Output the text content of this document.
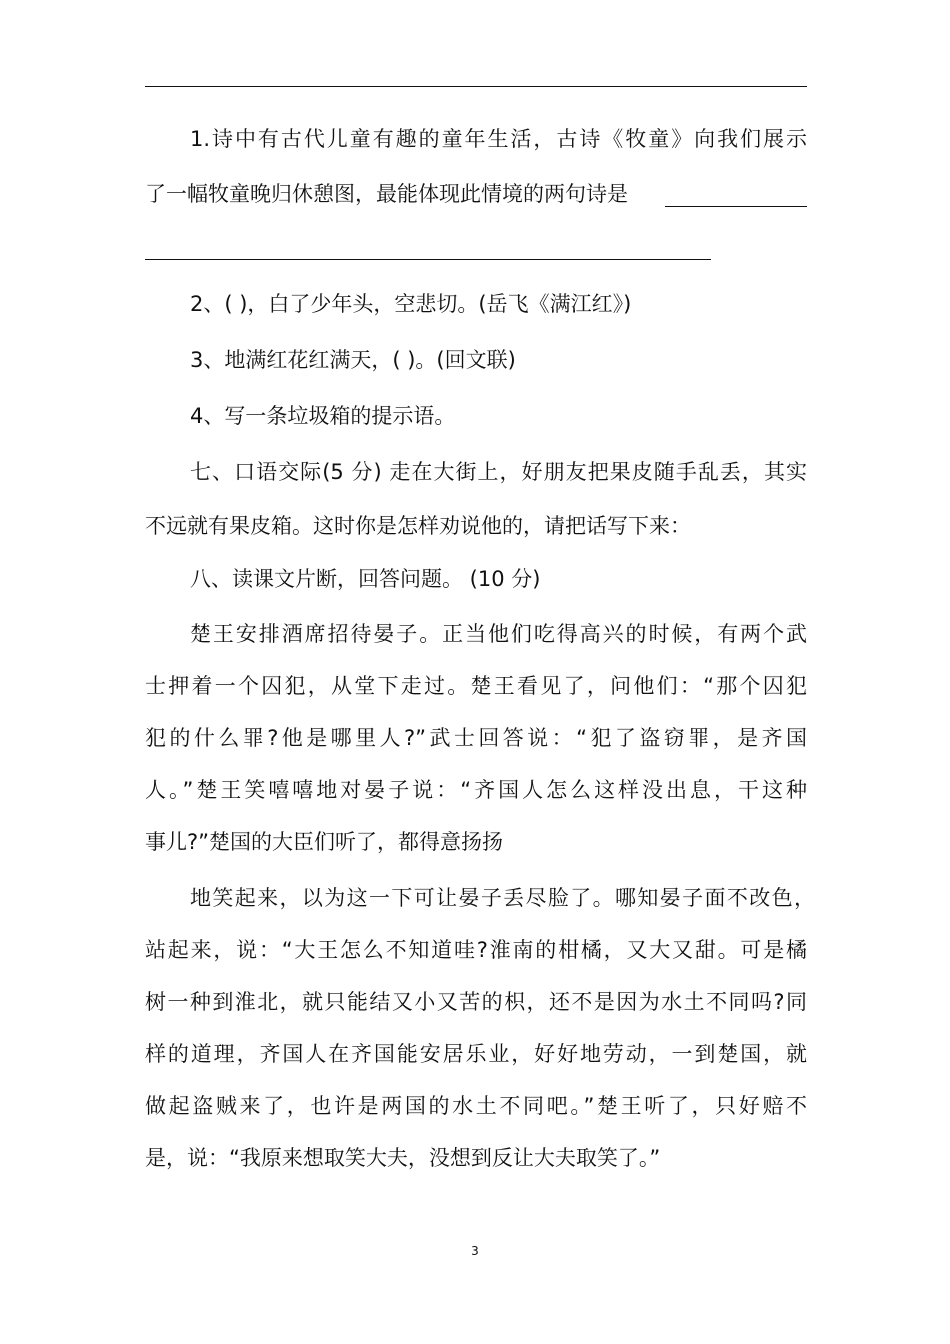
1.诗中有古代儿童有趣的童年生活，古诗《牧童》向我们展示
了一幅牧童晚归休憩图，最能体现此情境的两句诗是
2、( )，白了少年头，空悲切。(岳飞《满江红》)
3、地满红花红满天，( )。(回文联)
4、写一条垃圾箱的提示语。
七、口语交际(5 分) 走在大街上，好朋友把果皮随手乱丢，其实
不远就有果皮箱。这时你是怎样劝说他的，请把话写下来：
八、读课文片断，回答问题。 (10 分)
楚王安排酒席招待晏子。正当他们吃得高兴的时候，有两个武
士押着一个囚犯，从堂下走过。楚王看见了，问他们：“那个囚犯
犯的什么罪?他是哪里人?”武士回答说：“犯了盗窃罪，是齐国
人。”楚王笑嘻嘻地对晏子说：“齐国人怎么这样没出息，干这种
事儿?”楚国的大臣们听了，都得意扬扬
地笑起来，以为这一下可让晏子丢尽脸了。哪知晏子面不改色，
站起来，说：“大王怎么不知道哇?淮南的柑橘，又大又甜。可是橘
树一种到淮北，就只能结又小又苦的枳，还不是因为水土不同吗?同
样的道理，齐国人在齐国能安居乐业，好好地劳动，一到楚国，就
做起盗贼来了，也许是两国的水土不同吧。”楚王听了，只好赔不
是，说：“我原来想取笑大夫，没想到反让大夫取笑了。”
3
